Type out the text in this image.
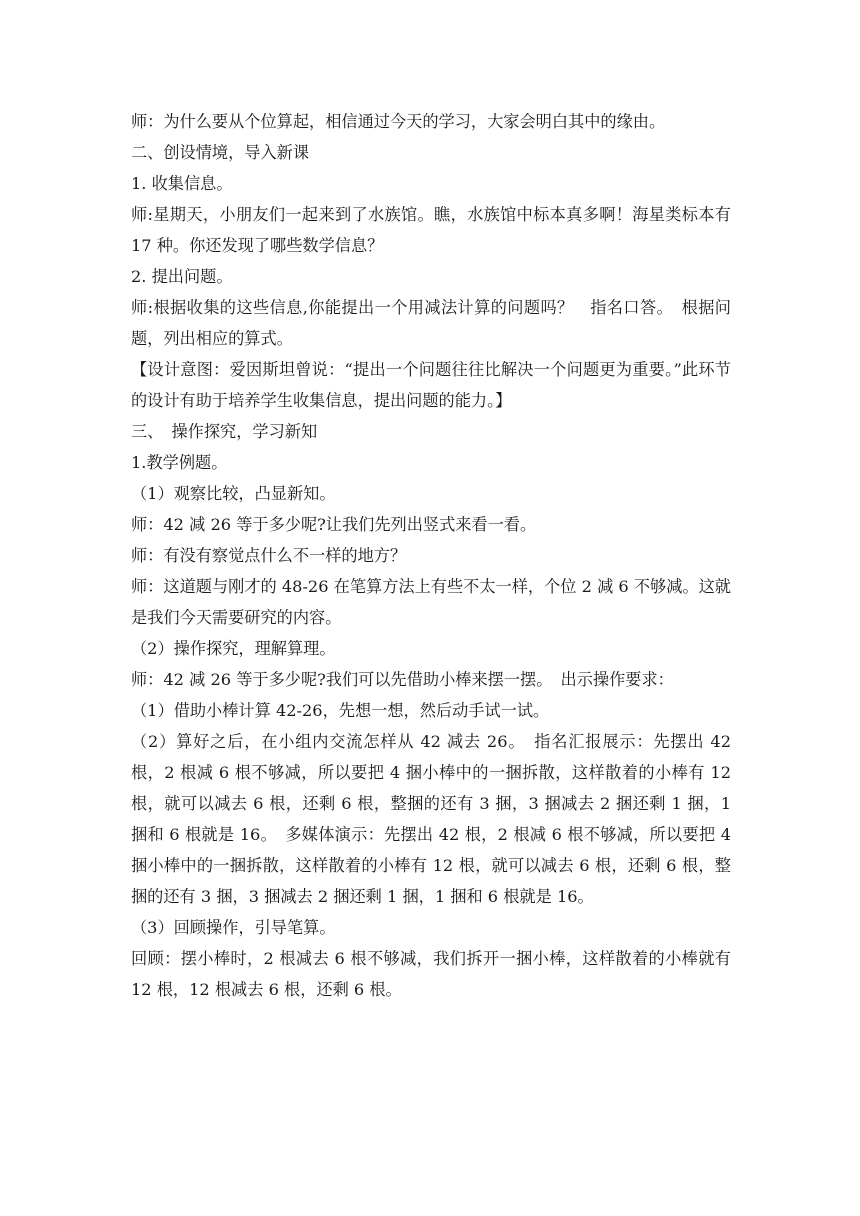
师：为什么要从个位算起，相信通过今天的学习，大家会明白其中的缘由。

二、创设情境，导入新课

1. 收集信息。

师:星期天，小朋友们一起来到了水族馆。瞧，水族馆中标本真多啊！海星类标本有 17 种。你还发现了哪些数学信息？

2. 提出问题。

师:根据收集的这些信息,你能提出一个用减法计算的问题吗？　指名口答。　根据问题，列出相应的算式。

【设计意图：爱因斯坦曾说：“提出一个问题往往比解决一个问题更为重要。”此环节的设计有助于培养学生收集信息，提出问题的能力。】

三、　操作探究，学习新知

1.教学例题。

（1）观察比较，凸显新知。

师：42 减 26 等于多少呢?让我们先列出竖式来看一看。

师：有没有察觉点什么不一样的地方？

师：这道题与刚才的 48-26 在笔算方法上有些不太一样，个位 2 减 6 不够减。这就是我们今天需要研究的内容。

（2）操作探究，理解算理。

师：42 减 26 等于多少呢?我们可以先借助小棒来摆一摆。　出示操作要求：

（1）借助小棒计算 42-26，先想一想，然后动手试一试。

（2）算好之后，在小组内交流怎样从 42 减去 26。　指名汇报展示：先摆出 42 根，2 根减 6 根不够减，所以要把 4 捆小棒中的一捆拆散，这样散着的小棒有 12 根，就可以减去 6 根，还剩 6 根，整捆的还有 3 捆，3 捆减去 2 捆还剩 1 捆，1 捆和 6 根就是 16。　多媒体演示：先摆出 42 根，2 根减 6 根不够减，所以要把 4 捆小棒中的一捆拆散，这样散着的小棒有 12 根，就可以减去 6 根，还剩 6 根，整捆的还有 3 捆，3 捆减去 2 捆还剩 1 捆，1 捆和 6 根就是 16。

（3）回顾操作，引导笔算。

回顾：摆小棒时，2 根减去 6 根不够减，我们拆开一捆小棒，这样散着的小棒就有 12 根，12 根减去 6 根，还剩 6 根。
